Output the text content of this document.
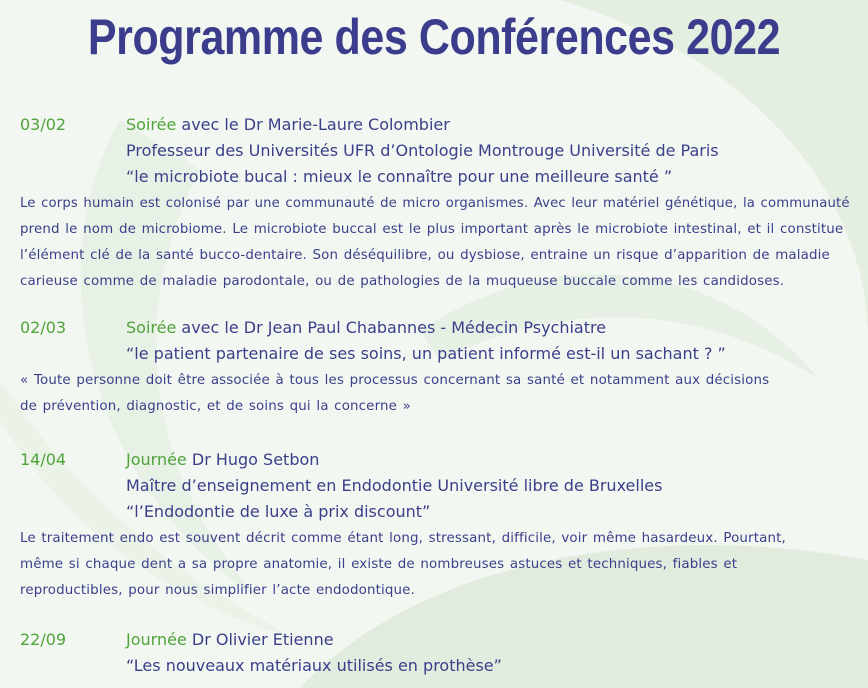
Programme des Conférences 2022
03/02	Soirée avec le Dr Marie-Laure Colombier
Professeur des Universités UFR d’Ontologie Montrouge Université de Paris
“le microbiote bucal : mieux le connaître pour une meilleure santé ”
Le corps humain est colonisé par une communauté de micro organismes. Avec leur matériel génétique, la communauté
prend le nom de microbiome. Le microbiote buccal est le plus important après le microbiote intestinal, et il constitue
l’élément clé de la santé bucco-dentaire. Son déséquilibre, ou dysbiose, entraine un risque d’apparition de maladie
carieuse comme de maladie parodontale, ou de pathologies de la muqueuse buccale comme les candidoses.
02/03	Soirée avec le Dr Jean Paul Chabannes - Médecin Psychiatre
“le patient partenaire de ses soins, un patient informé est-il un sachant ? ”
« Toute personne doit être associée à tous les processus concernant sa santé et notamment aux décisions
de prévention, diagnostic, et de soins qui la concerne »
14/04	Journée Dr Hugo Setbon
Maître d’enseignement en Endodontie Université libre de Bruxelles
“l’Endodontie de luxe à prix discount”
Le traitement endo est souvent décrit comme étant long, stressant, difficile, voir même hasardeux. Pourtant,
même si chaque dent a sa propre anatomie, il existe de nombreuses astuces et techniques, fiables et
reproductibles, pour nous simplifier l’acte endodontique.
22/09	Journée Dr Olivier Etienne
“Les nouveaux matériaux utilisés en prothèse”
